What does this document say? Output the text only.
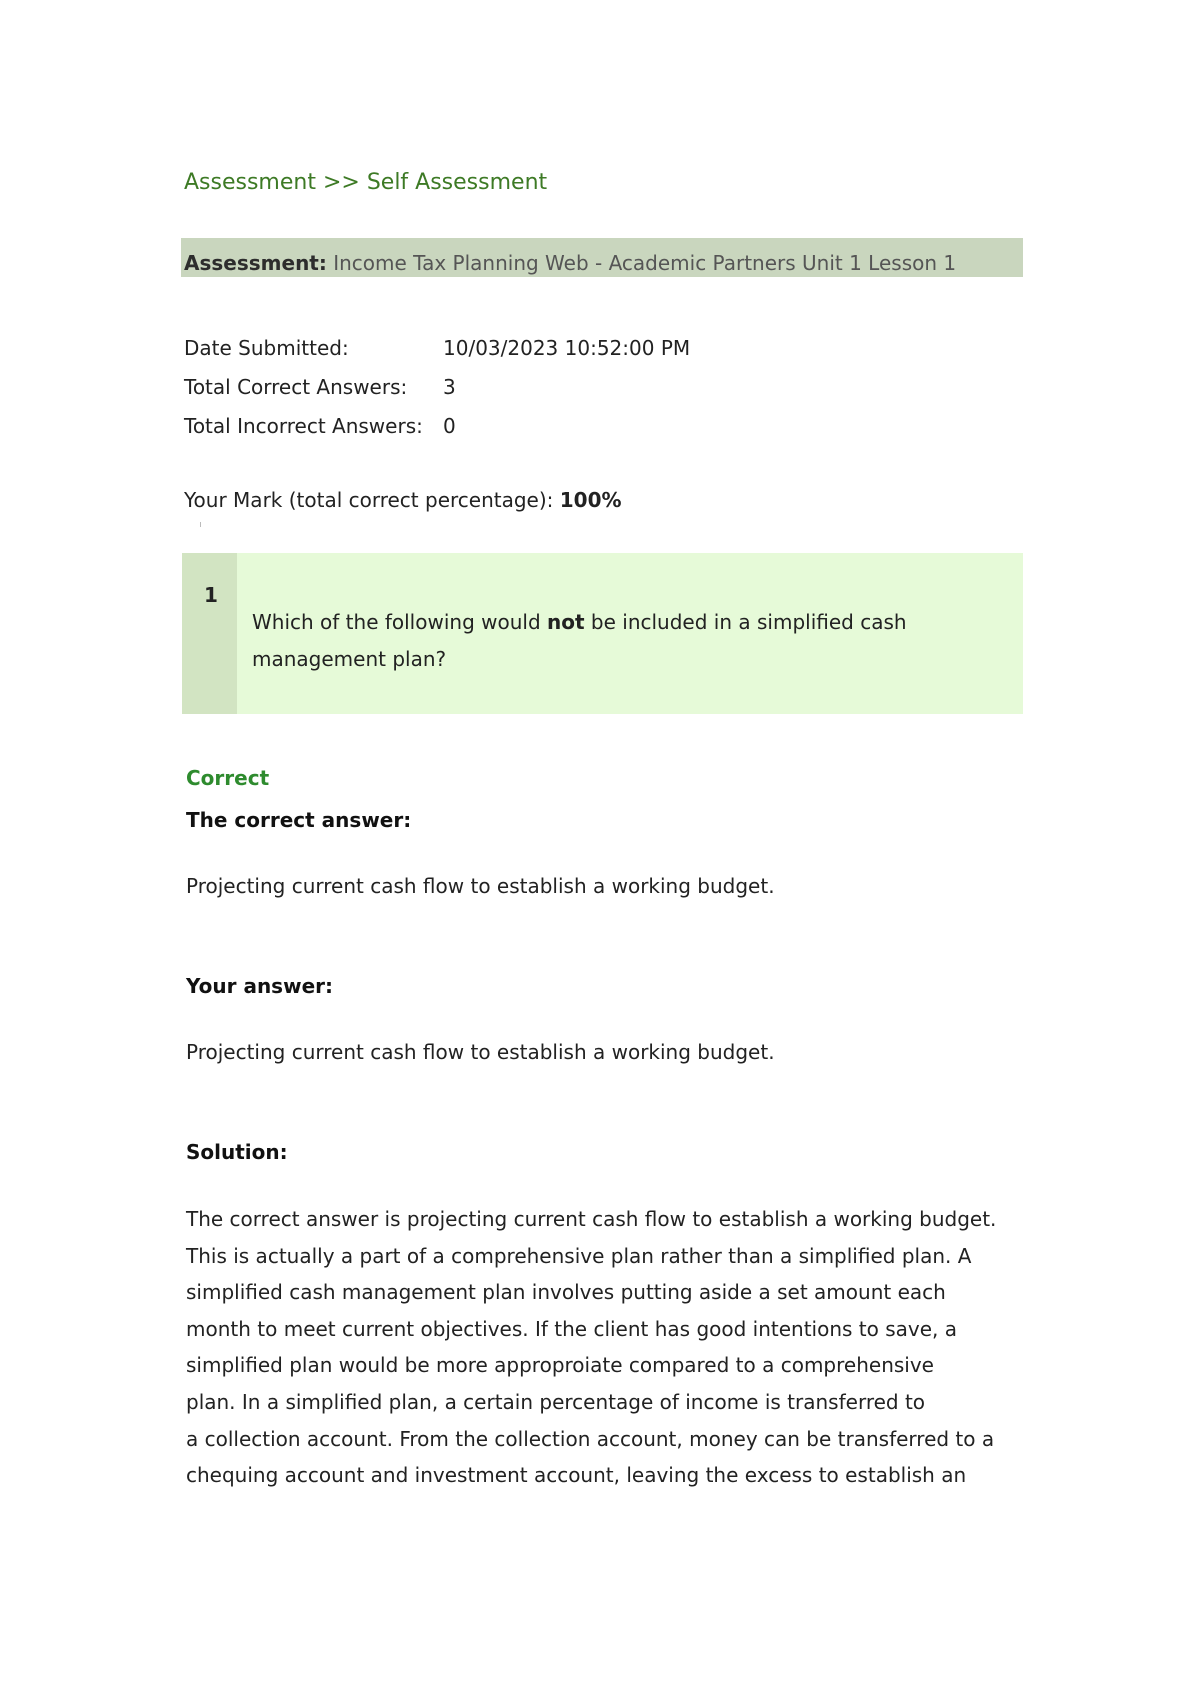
Assessment >> Self Assessment
Assessment: Income Tax Planning Web - Academic Partners Unit 1 Lesson 1
Date Submitted:	10/03/2023 10:52:00 PM
Total Correct Answers: 3
Total Incorrect Answers: 0
Your Mark (total correct percentage): 100%
1
Which of the following would not be included in a simplified cash management plan?
Correct
The correct answer:
Projecting current cash flow to establish a working budget.
Your answer:
Projecting current cash flow to establish a working budget.
Solution:
The correct answer is projecting current cash flow to establish a working budget.
This is actually a part of a comprehensive plan rather than a simplified plan. A
simplified cash management plan involves putting aside a set amount each
month to meet current objectives. If the client has good intentions to save, a
simplified plan would be more approproiate compared to a comprehensive
plan. In a simplified plan, a certain percentage of income is transferred to
a collection account. From the collection account, money can be transferred to a
chequing account and investment account, leaving the excess to establish an
